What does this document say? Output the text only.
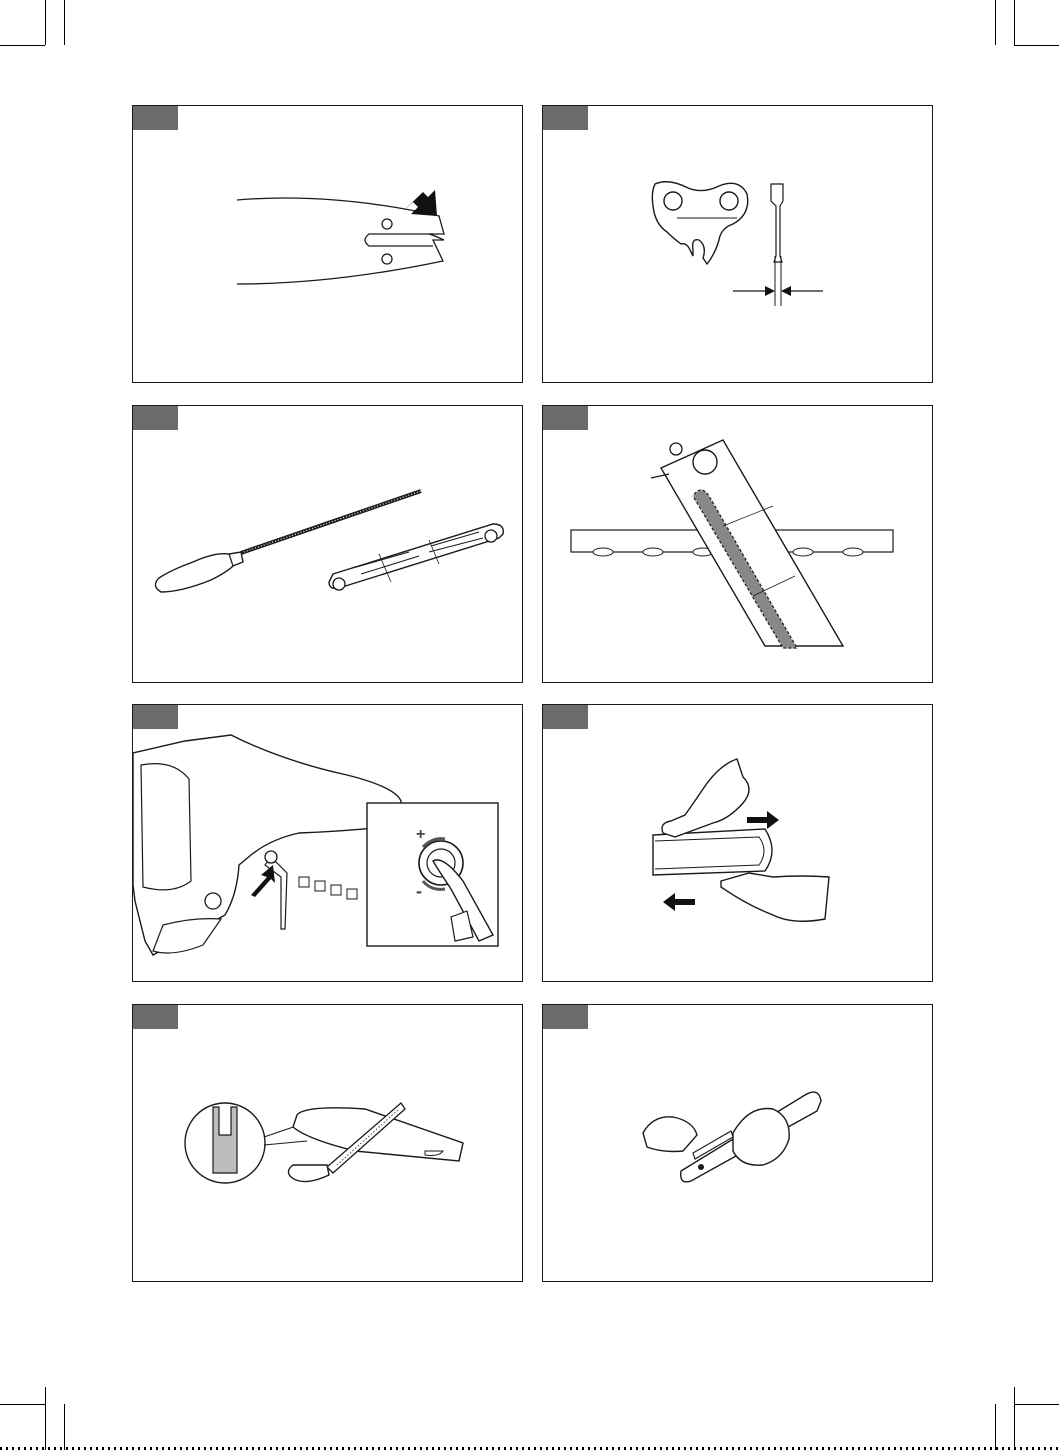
+
-
